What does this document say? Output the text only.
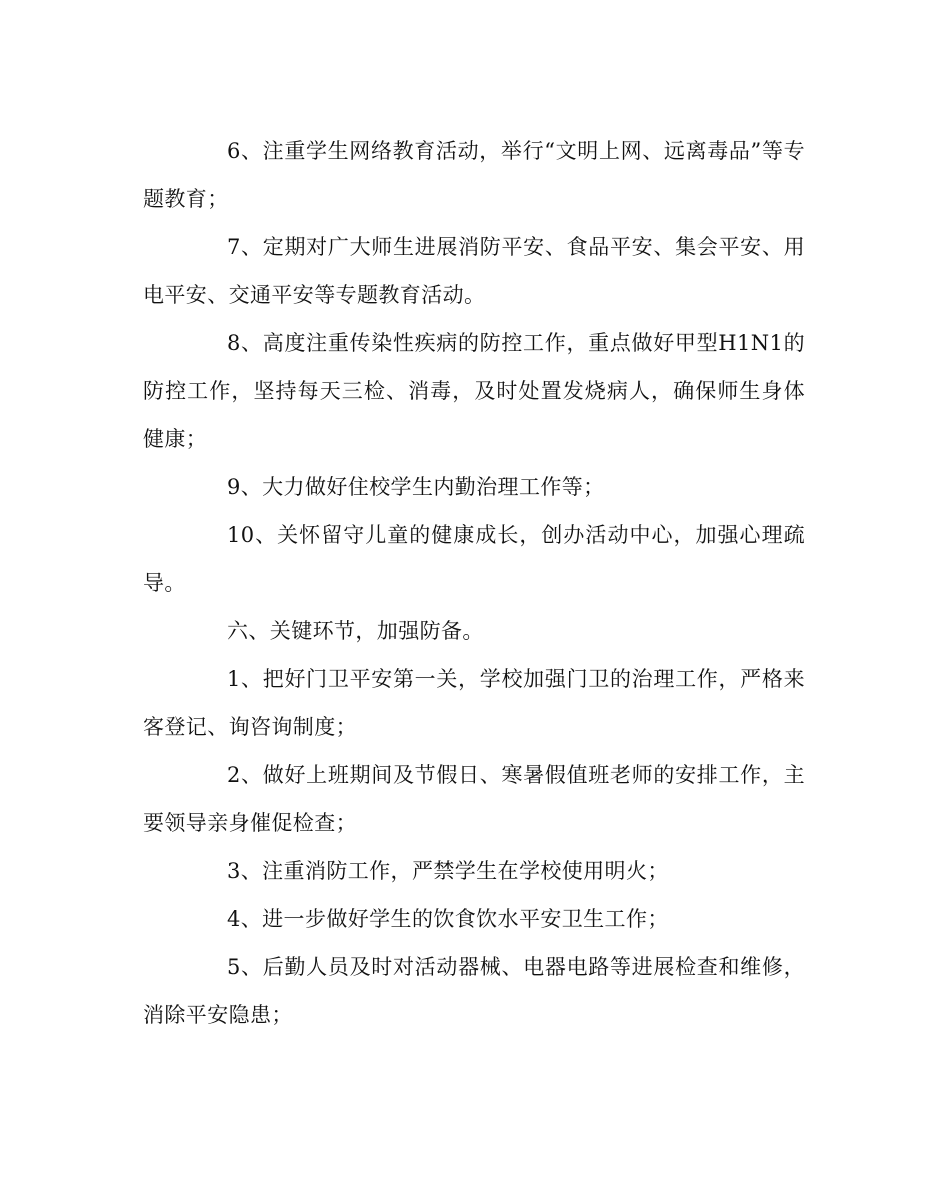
6、注重学生网络教育活动，举行“文明上网、远离毒品”等专题教育；

7、定期对广大师生进展消防平安、食品平安、集会平安、用电平安、交通平安等专题教育活动。

8、高度注重传染性疾病的防控工作，重点做好甲型H1N1的防控工作，坚持每天三检、消毒，及时处置发烧病人，确保师生身体健康；

9、大力做好住校学生内勤治理工作等；

10、关怀留守儿童的健康成长，创办活动中心，加强心理疏导。

六、关键环节，加强防备。

1、把好门卫平安第一关，学校加强门卫的治理工作，严格来客登记、询咨询制度；

2、做好上班期间及节假日、寒暑假值班老师的安排工作，主要领导亲身催促检查；

3、注重消防工作，严禁学生在学校使用明火；

4、进一步做好学生的饮食饮水平安卫生工作；

5、后勤人员及时对活动器械、电器电路等进展检查和维修，消除平安隐患；
